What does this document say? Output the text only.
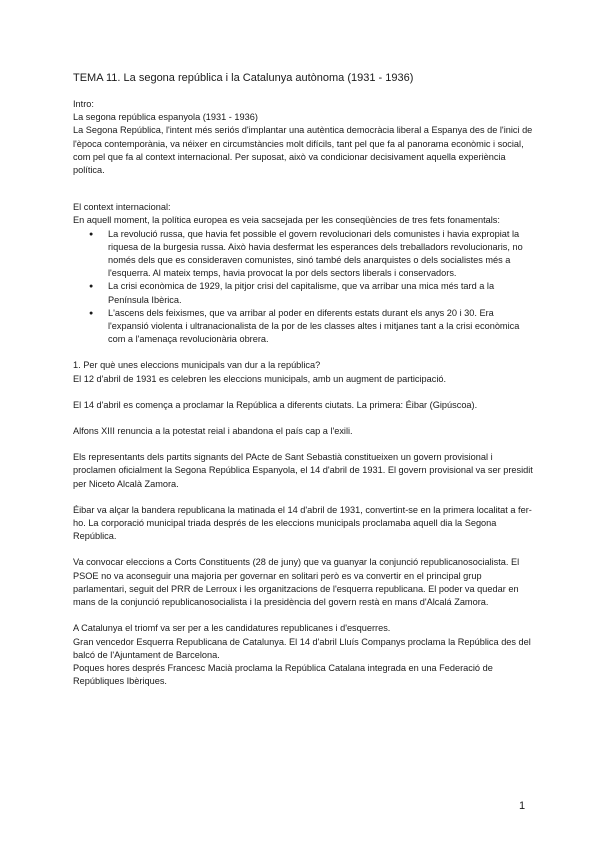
TEMA 11. La segona república i la Catalunya autònoma (1931 - 1936)

Intro:

La segona república espanyola (1931 - 1936)

La Segona República, l'intent més seriós d'implantar una autèntica democràcia liberal a Espanya des de l'inici de l'època contemporània, va néixer en circumstàncies molt difícils, tant pel que fa al panorama econòmic i social, com pel que fa al context internacional. Per suposat, això va condicionar decisivament aquella experiència política.

El context internacional:

En aquell moment, la política europea es veia sacsejada per les conseqüències de tres fets fonamentals:

● La revolució russa, que havia fet possible el govern revolucionari dels comunistes i havia expropiat la riquesa de la burgesia russa. Això havia desfermat les esperances dels treballadors revolucionaris, no només dels que es consideraven comunistes, sinó també dels anarquistes o dels socialistes més a l'esquerra. Al mateix temps, havia provocat la por dels sectors liberals i conservadors.
● La crisi econòmica de 1929, la pitjor crisi del capitalisme, que va arribar una mica més tard a la Península Ibèrica.
● L'ascens dels feixismes, que va arribar al poder en diferents estats durant els anys 20 i 30. Era l'expansió violenta i ultranacionalista de la por de les classes altes i mitjanes tant a la crisi econòmica com a l'amenaça revolucionària obrera.

1. Per què unes eleccions municipals van dur a la república?

El 12 d'abril de 1931 es celebren les eleccions municipals, amb un augment de participació.

El 14 d'abril es comença a proclamar la República a diferents ciutats. La primera: Éibar (Gipúscoa).

Alfons XIII renuncia a la potestat reial i abandona el país cap a l'exili.

Els representants dels partits signants del PActe de Sant Sebastià constitueixen un govern provisional i proclamen oficialment la Segona República Espanyola, el 14 d'abril de 1931. El govern provisional va ser presidit per Niceto Alcalà Zamora.

Éibar va alçar la bandera republicana la matinada el 14 d'abril de 1931, convertint-se en la primera localitat a fer-ho. La corporació municipal triada després de les eleccions municipals proclamaba aquell dia la Segona República.

Va convocar eleccions a Corts Constituents (28 de juny) que va guanyar la conjunció republicanosocialista. El PSOE no va aconseguir una majoria per governar en solitari però es va convertir en el principal grup parlamentari, seguit del PRR de Lerroux i les organitzacions de l'esquerra republicana. El poder va quedar en mans de la conjunció republicanosocialista i la presidència del govern restà en mans d'Alcalá Zamora.

A Catalunya el triomf va ser per a les candidatures republicanes i d'esquerres.

Gran vencedor Esquerra Republicana de Catalunya. El 14 d'abril Lluís Companys proclama la República des del balcó de l'Ajuntament de Barcelona.

Poques hores després Francesc Macià proclama la República Catalana integrada en una Federació de Repúbliques Ibèriques.

1
